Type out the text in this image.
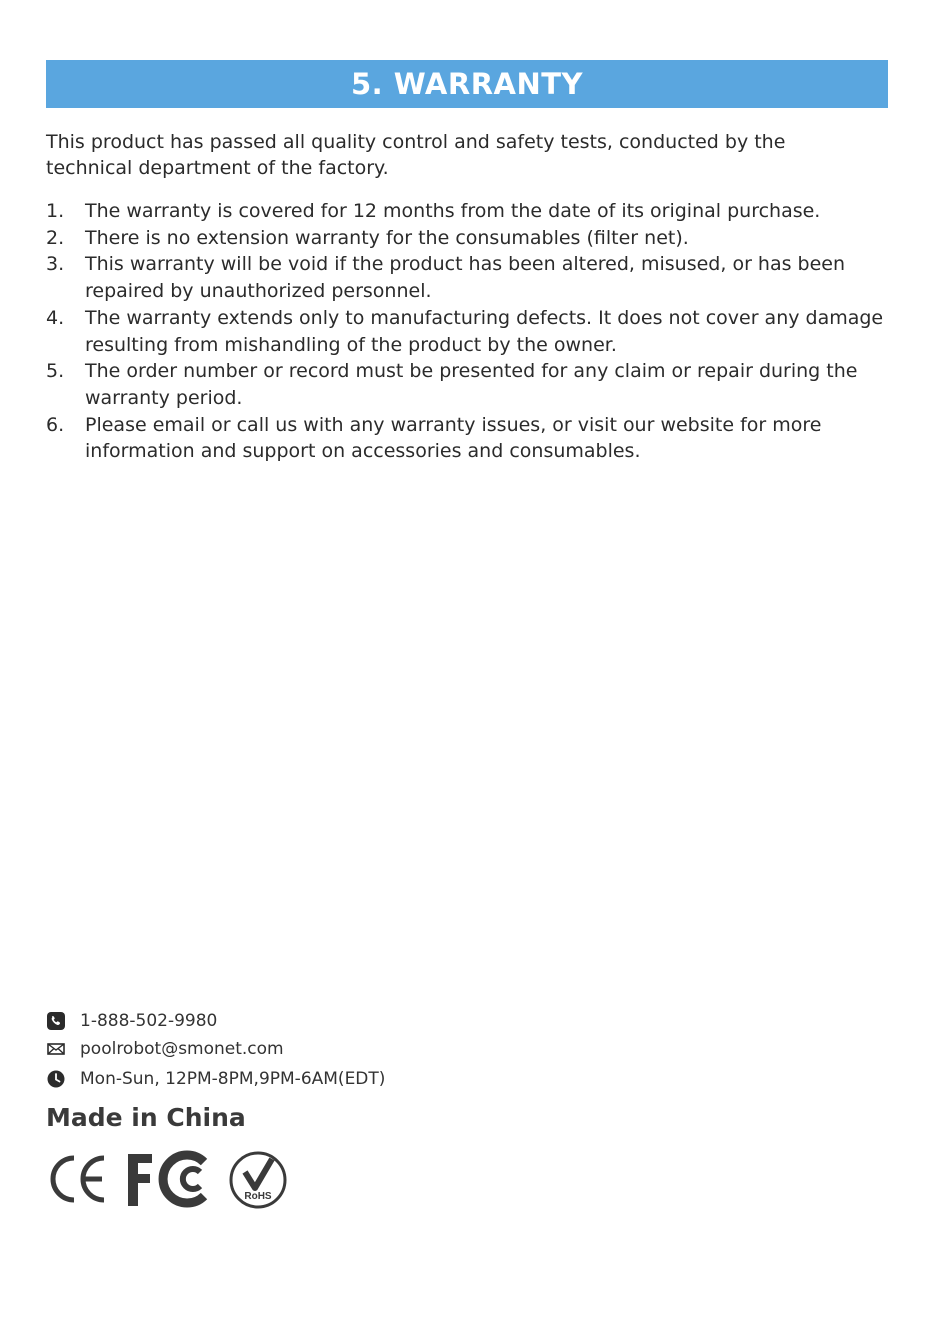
5. WARRANTY

This product has passed all quality control and safety tests, conducted by the technical department of the factory.

1. The warranty is covered for 12 months from the date of its original purchase.
2. There is no extension warranty for the consumables (filter net).
3. This warranty will be void if the product has been altered, misused, or has been repaired by unauthorized personnel.
4. The warranty extends only to manufacturing defects. It does not cover any damage resulting from mishandling of the product by the owner.
5. The order number or record must be presented for any claim or repair during the warranty period.
6. Please email or call us with any warranty issues, or visit our website for more information and support on accessories and consumables.
1-888-502-9980
poolrobot@smonet.com
Mon-Sun, 12PM-8PM,9PM-6AM(EDT)
Made in China
RoHS
